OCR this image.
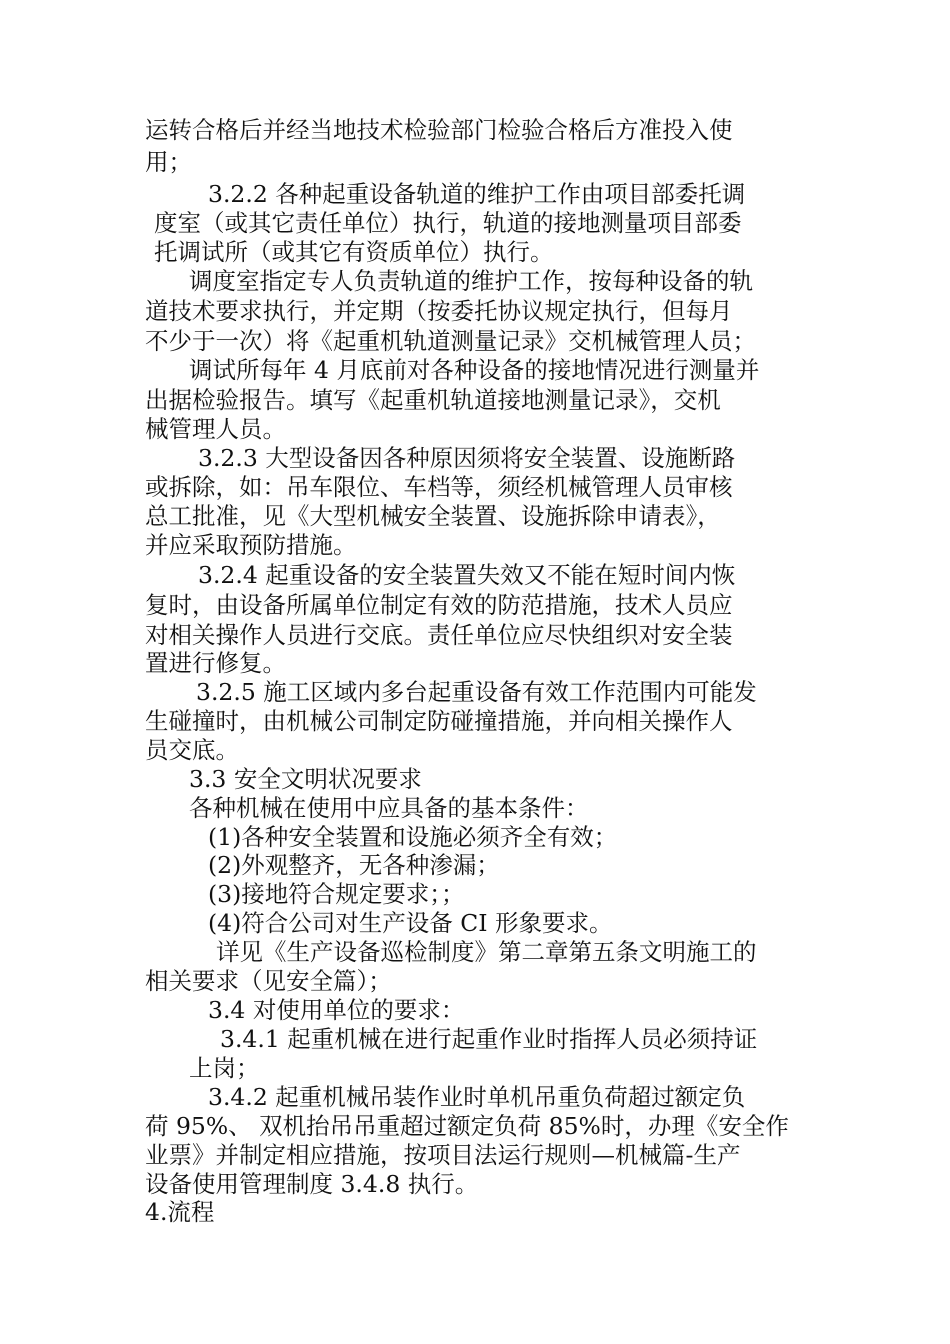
运转合格后并经当地技术检验部门检验合格后方准投入使
用；
3.2.2 各种起重设备轨道的维护工作由项目部委托调
度室（或其它责任单位）执行，轨道的接地测量项目部委
托调试所（或其它有资质单位）执行。
调度室指定专人负责轨道的维护工作，按每种设备的轨
道技术要求执行，并定期（按委托协议规定执行，但每月
不少于一次）将《起重机轨道测量记录》交机械管理人员；
调试所每年 4 月底前对各种设备的接地情况进行测量并
出据检验报告。填写《起重机轨道接地测量记录》，交机
械管理人员。
3.2.3 大型设备因各种原因须将安全装置、设施断路
或拆除，如：吊车限位、车档等，须经机械管理人员审核
总工批准，见《大型机械安全装置、设施拆除申请表》，
并应采取预防措施。
3.2.4 起重设备的安全装置失效又不能在短时间内恢
复时，由设备所属单位制定有效的防范措施，技术人员应
对相关操作人员进行交底。责任单位应尽快组织对安全装
置进行修复。
3.2.5 施工区域内多台起重设备有效工作范围内可能发
生碰撞时，由机械公司制定防碰撞措施，并向相关操作人
员交底。
3.3 安全文明状况要求
各种机械在使用中应具备的基本条件：
(1)各种安全装置和设施必须齐全有效；
(2)外观整齐，无各种渗漏；
(3)接地符合规定要求；；
(4)符合公司对生产设备 CI 形象要求。
详见《生产设备巡检制度》第二章第五条文明施工的
相关要求（见安全篇）；
3.4 对使用单位的要求：
3.4.1 起重机械在进行起重作业时指挥人员必须持证
上岗；
3.4.2 起重机械吊装作业时单机吊重负荷超过额定负
荷 95%、 双机抬吊吊重超过额定负荷 85%时，办理《安全作
业票》并制定相应措施，按项目法运行规则—机械篇-生产
设备使用管理制度 3.4.8 执行。
4.流程
